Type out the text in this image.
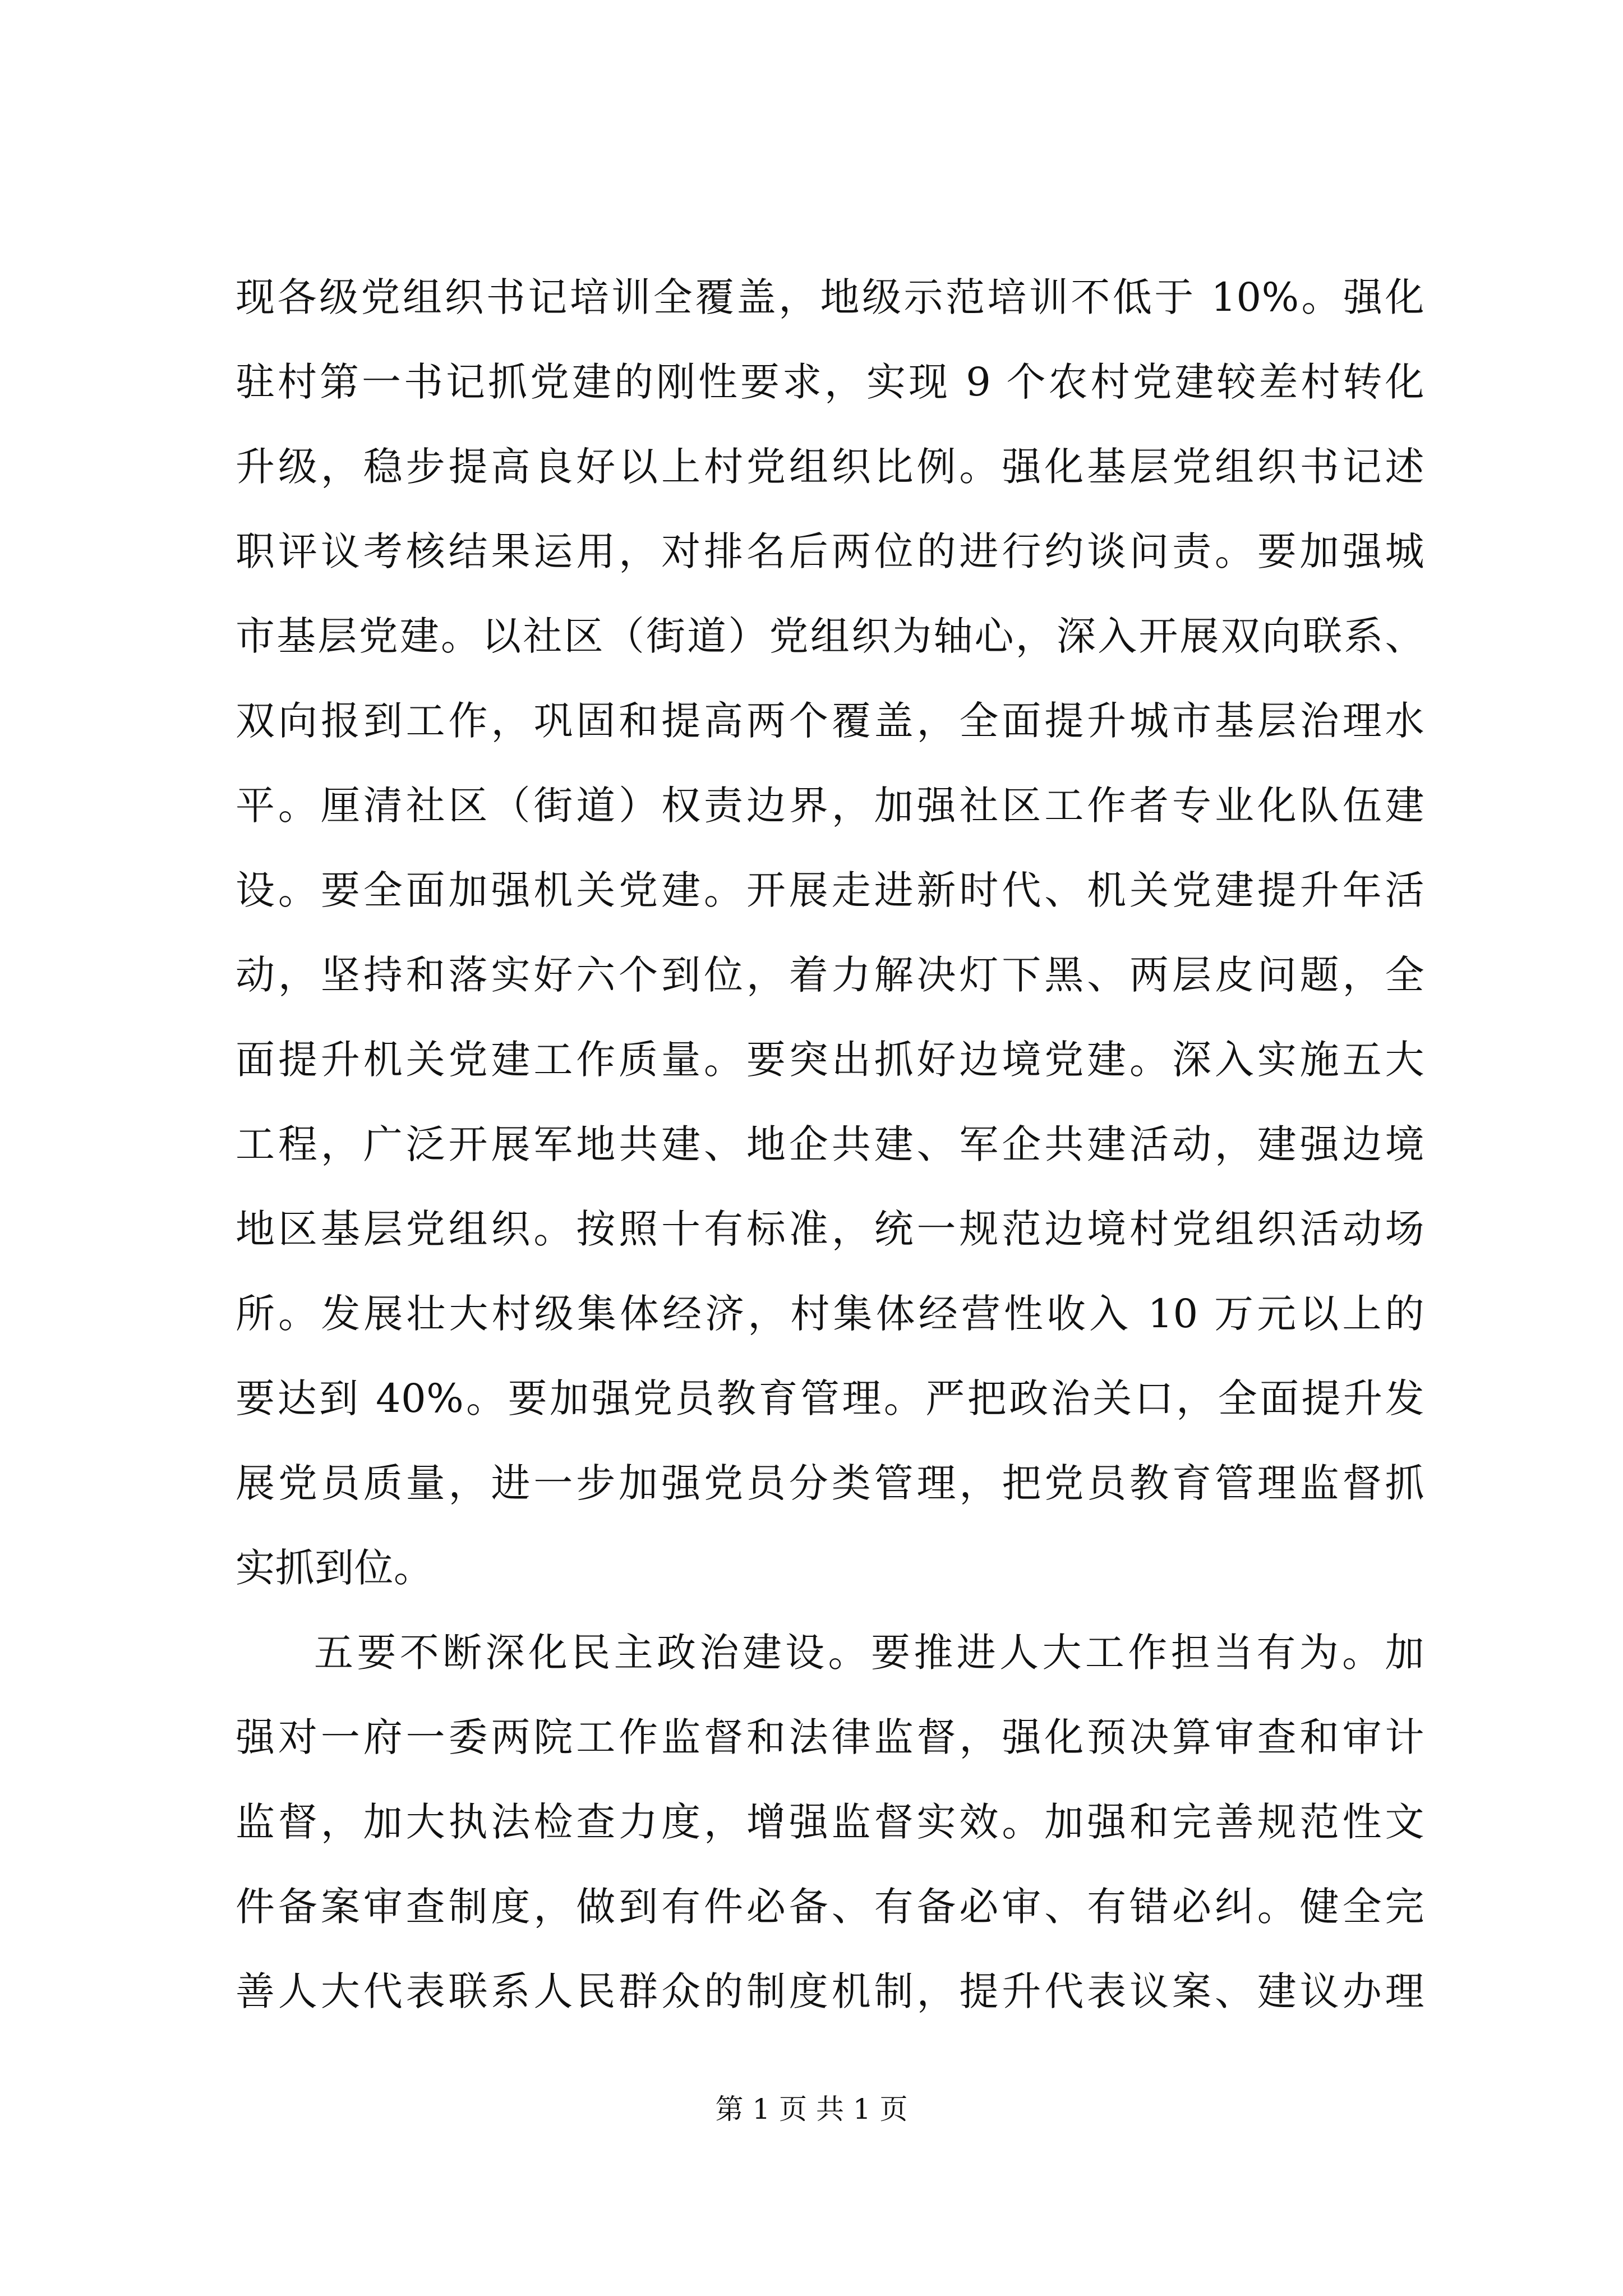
现各级党组织书记培训全覆盖，地级示范培训不低于 10%。强化
驻村第一书记抓党建的刚性要求，实现 9 个农村党建较差村转化
升级，稳步提高良好以上村党组织比例。强化基层党组织书记述
职评议考核结果运用，对排名后两位的进行约谈问责。要加强城
市基层党建。以社区（街道）党组织为轴心，深入开展双向联系、
双向报到工作，巩固和提高两个覆盖，全面提升城市基层治理水
平。厘清社区（街道）权责边界，加强社区工作者专业化队伍建
设。要全面加强机关党建。开展走进新时代、机关党建提升年活
动，坚持和落实好六个到位，着力解决灯下黑、两层皮问题，全
面提升机关党建工作质量。要突出抓好边境党建。深入实施五大
工程，广泛开展军地共建、地企共建、军企共建活动，建强边境
地区基层党组织。按照十有标准，统一规范边境村党组织活动场
所。发展壮大村级集体经济，村集体经营性收入 10 万元以上的
要达到 40%。要加强党员教育管理。严把政治关口，全面提升发
展党员质量，进一步加强党员分类管理，把党员教育管理监督抓
实抓到位。
五要不断深化民主政治建设。要推进人大工作担当有为。加
强对一府一委两院工作监督和法律监督，强化预决算审查和审计
监督，加大执法检查力度，增强监督实效。加强和完善规范性文
件备案审查制度，做到有件必备、有备必审、有错必纠。健全完
善人大代表联系人民群众的制度机制，提升代表议案、建议办理
第 1 页 共 1 页
